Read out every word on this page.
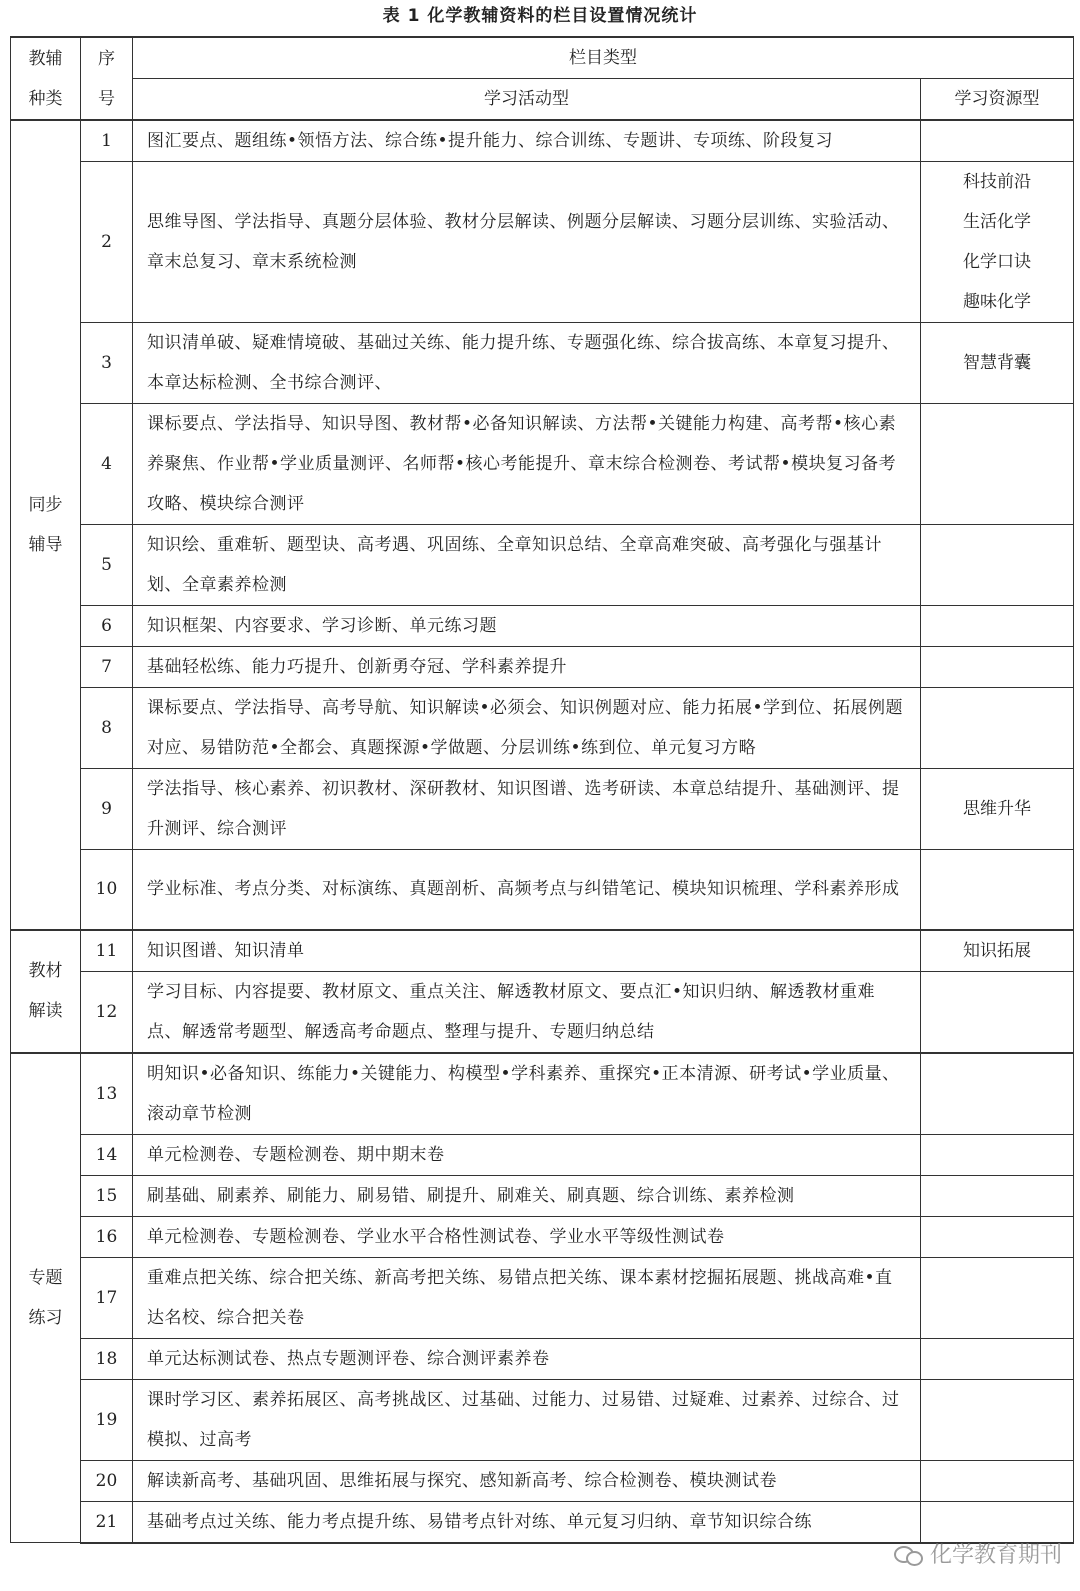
表 1 化学教辅资料的栏目设置情况统计
教辅
种类	序
号	栏目类型	
		学习活动型	学习资源型

同步
辅导	1	图汇要点、题组练•领悟方法、综合练•提升能力、综合训练、专题讲、专项练、阶段复习	
	2	思维导图、学法指导、真题分层体验、教材分层解读、例题分层解读、习题分层训练、实验活动、章末总复习、章末系统检测	科技前沿
生活化学
化学口诀
趣味化学

	3	知识清单破、疑难情境破、基础过关练、能力提升练、专题强化练、综合拔高练、本章复习提升、本章达标检测、全书综合测评、	智慧背囊
	4	课标要点、学法指导、知识导图、教材帮•必备知识解读、方法帮•关键能力构建、高考帮•核心素养聚焦、作业帮•学业质量测评、名师帮•核心考能提升、章末综合检测卷、考试帮•模块复习备考攻略、模块综合测评	
	5	知识绘、重难斩、题型诀、高考遇、巩固练、全章知识总结、全章高难突破、高考强化与强基计划、全章素养检测	
	6	知识框架、内容要求、学习诊断、单元练习题	
	7	基础轻松练、能力巧提升、创新勇夺冠、学科素养提升	
	8	课标要点、学法指导、高考导航、知识解读•必须会、知识例题对应、能力拓展•学到位、拓展例题对应、易错防范•全都会、真题探源•学做题、分层训练•练到位、单元复习方略	
	9	学法指导、核心素养、初识教材、深研教材、知识图谱、选考研读、本章总结提升、基础测评、提升测评、综合测评	思维升华
	10	学业标准、考点分类、对标演练、真题剖析、高频考点与纠错笔记、模块知识梳理、学科素养形成	

教材
解读	11	知识图谱、知识清单	知识拓展
	12	学习目标、内容提要、教材原文、重点关注、解透教材原文、要点汇•知识归纳、解透教材重难点、解透常考题型、解透高考命题点、整理与提升、专题归纳总结	

专题
练习	13	明知识•必备知识、练能力•关键能力、构模型•学科素养、重探究•正本清源、研考试•学业质量、滚动章节检测	
	14	单元检测卷、专题检测卷、期中期末卷	
	15	刷基础、刷素养、刷能力、刷易错、刷提升、刷难关、刷真题、综合训练、素养检测	
	16	单元检测卷、专题检测卷、学业水平合格性测试卷、学业水平等级性测试卷	
	17	重难点把关练、综合把关练、新高考把关练、易错点把关练、课本素材挖掘拓展题、挑战高难•直达名校、综合把关卷	
	18	单元达标测试卷、热点专题测评卷、综合测评素养卷	
	19	课时学习区、素养拓展区、高考挑战区、过基础、过能力、过易错、过疑难、过素养、过综合、过模拟、过高考	
	20	解读新高考、基础巩固、思维拓展与探究、感知新高考、综合检测卷、模块测试卷	
	21	基础考点过关练、能力考点提升练、易错考点针对练、单元复习归纳、章节知识综合练	
化学教育期刊
